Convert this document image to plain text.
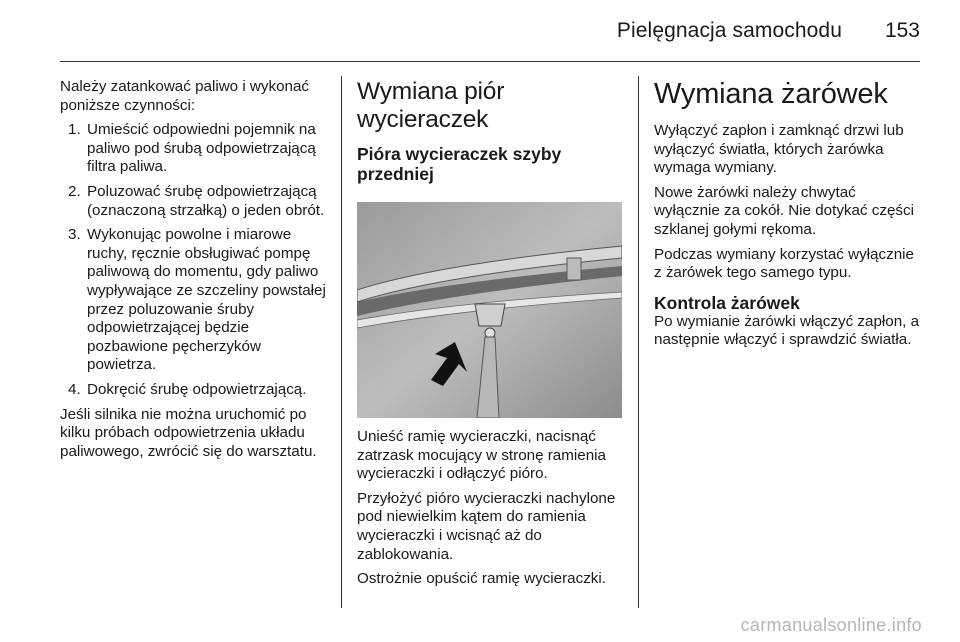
Pielęgnacja samochodu 153

Należy zatankować paliwo i wykonać poniższe czynności:

1. Umieścić odpowiedni pojemnik na paliwo pod śrubą odpowietrzającą filtra paliwa.
2. Poluzować śrubę odpowietrzającą (oznaczoną strzałką) o jeden obrót.
3. Wykonując powolne i miarowe ruchy, ręcznie obsługiwać pompę paliwową do momentu, gdy paliwo wypływające ze szczeliny powstałej przez poluzowanie śruby odpowietrzającej będzie pozbawione pęcherzyków powietrza.
4. Dokręcić śrubę odpowietrzającą.

Jeśli silnika nie można uruchomić po kilku próbach odpowietrzenia układu paliwowego, zwrócić się do warsztatu.

Wymiana piór wycieraczek
Pióra wycieraczek szyby przedniej

Unieść ramię wycieraczki, nacisnąć zatrzask mocujący w stronę ramienia wycieraczki i odłączyć pióro.

Przyłożyć pióro wycieraczki nachylone pod niewielkim kątem do ramienia wycieraczki i wcisnąć aż do zablokowania.

Ostrożnie opuścić ramię wycieraczki.

Wymiana żarówek

Wyłączyć zapłon i zamknąć drzwi lub wyłączyć światła, których żarówka wymaga wymiany.

Nowe żarówki należy chwytać wyłącznie za cokół. Nie dotykać części szklanej gołymi rękoma.

Podczas wymiany korzystać wyłącznie z żarówek tego samego typu.

Kontrola żarówek

Po wymianie żarówki włączyć zapłon, a następnie włączyć i sprawdzić światła.

carmanualsonline.info
